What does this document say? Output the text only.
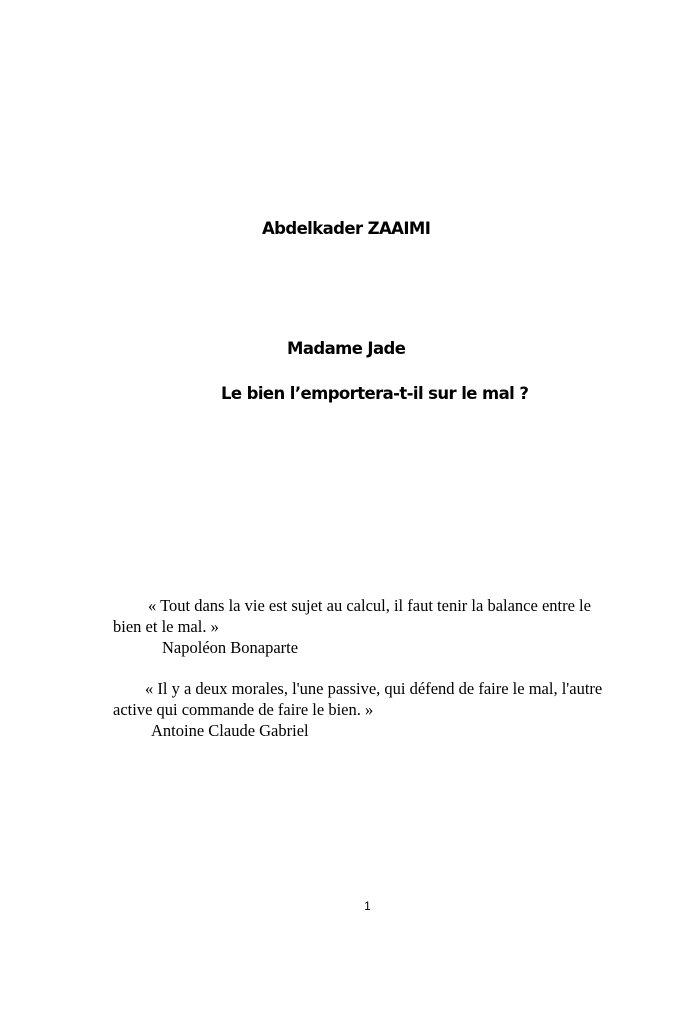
Abdelkader ZAAIMI
Madame Jade
Le bien l’emportera-t-il sur le mal ?
« Tout dans la vie est sujet au calcul, il faut tenir la balance entre le
bien et le mal. »
Napoléon Bonaparte
« Il y a deux morales, l'une passive, qui défend de faire le mal, l'autre
active qui commande de faire le bien. »
Antoine Claude Gabriel
1
